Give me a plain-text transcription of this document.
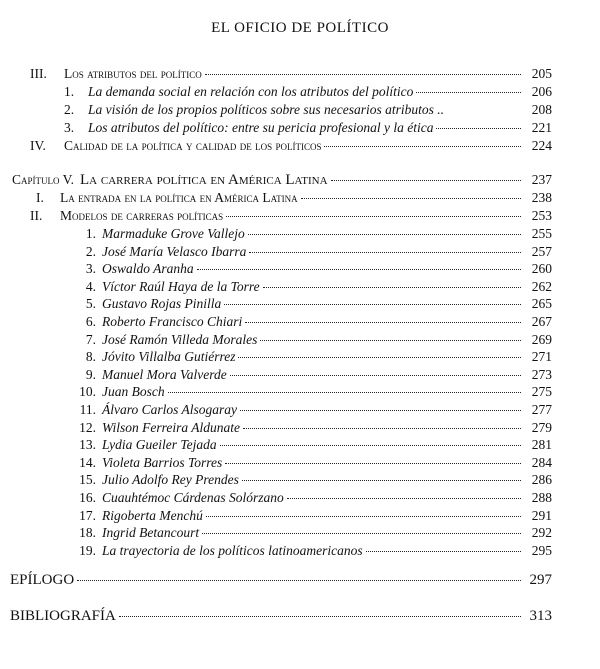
EL OFICIO DE POLÍTICO
III.	Los atributos del político	205
1.	La demanda social en relación con los atributos del político	206
2.	La visión de los propios políticos sobre sus necesarios atributos ..	208
3.	Los atributos del político: entre su pericia profesional y la ética	221
IV.	Calidad de la política y calidad de los políticos	224
Capítulo V. La carrera política en América Latina	237
I.	La entrada en la política en América Latina	238
II.	Modelos de carreras políticas	253
1. Marmaduke Grove Vallejo	255
2. José María Velasco Ibarra	257
3. Oswaldo Aranha	260
4. Víctor Raúl Haya de la Torre	262
5. Gustavo Rojas Pinilla	265
6. Roberto Francisco Chiari	267
7. José Ramón Villeda Morales	269
8. Jóvito Villalba Gutiérrez	271
9. Manuel Mora Valverde	273
10. Juan Bosch	275
11. Álvaro Carlos Alsogaray	277
12. Wilson Ferreira Aldunate	279
13. Lydia Gueiler Tejada	281
14. Violeta Barrios Torres	284
15. Julio Adolfo Rey Prendes	286
16. Cuauhtémoc Cárdenas Solórzano	288
17. Rigoberta Menchú	291
18. Ingrid Betancourt	292
19. La trayectoria de los políticos latinoamericanos	295
EPÍLOGO	297
BIBLIOGRAFÍA	313
